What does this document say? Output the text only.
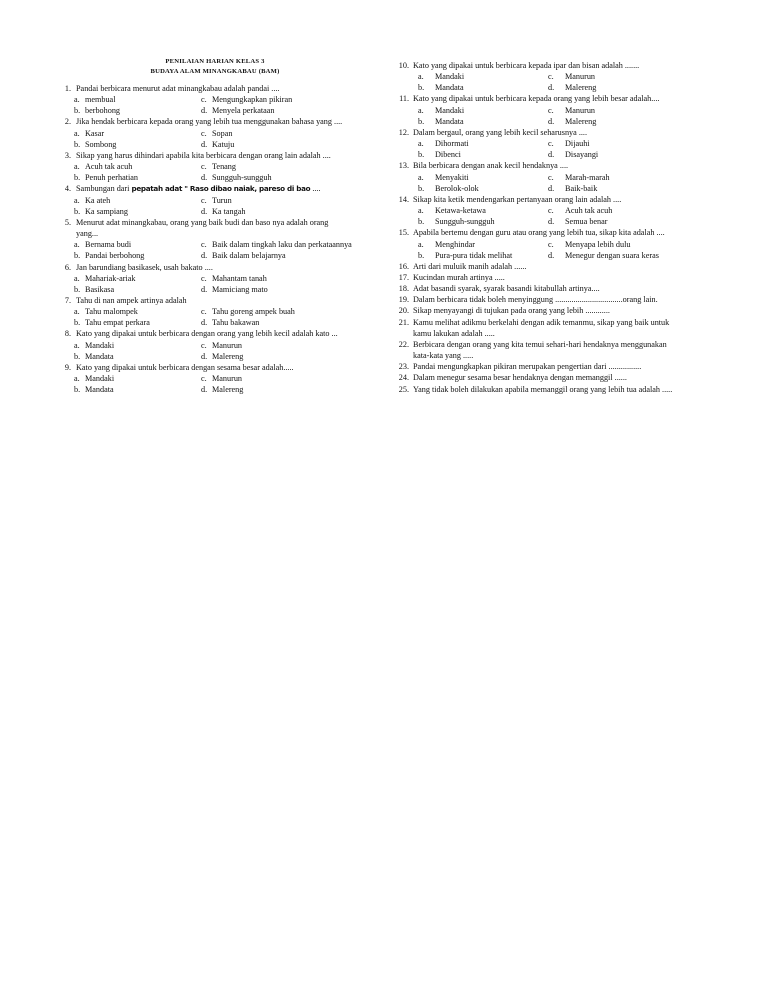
PENILAIAN HARIAN KELAS 3
BUDAYA ALAM MINANGKABAU (BAM)
1. Pandai berbicara menurut adat minangkabau adalah pandai ....
a. membual	c. Mengungkapkan pikiran
b. berbohong	d. Menyela perkataan
2. Jika hendak berbicara kepada orang yang lebih tua menggunakan bahasa yang ....
a. Kasar	c. Sopan
b. Sombong	d. Katuju
3. Sikap yang harus dihindari apabila kita berbicara dengan orang lain adalah ....
a. Acuh tak acuh	c. Tenang
b. Penuh perhatian	d. Sungguh-sungguh
4. Sambungan dari pepatah adat " Raso dibao naiak, pareso di bao ....
a. Ka ateh	c. Turun
b. Ka sampiang	d. Ka tangah
5. Menurut adat minangkabau, orang yang baik budi dan baso nya adalah orang
yang...
a. Bernama budi	c. Baik dalam tingkah laku dan perkataannya
b. Pandai berbohong	d. Baik dalam belajarnya
6. Jan barundiang basikasek, usah bakato ....
a. Mahariak-ariak	c. Mahantam tanah
b. Basikasa	d. Mamiciang mato
7. Tahu di nan ampek artinya adalah
a. Tahu malompek	c. Tahu goreng ampek buah
b. Tahu empat perkara	d. Tahu bakawan
8. Kato yang dipakai untuk berbicara dengan orang yang lebih kecil adalah kato ...
a. Mandaki	c. Manurun
b. Mandata	d. Malereng
9. Kato yang dipakai untuk berbicara dengan sesama besar adalah.....
a. Mandaki	c. Manurun
b. Mandata	d. Malereng
10. Kato yang dipakai untuk berbicara kepada ipar dan bisan adalah .......
a.	Mandaki	c.	Manurun
b.	Mandata	d.	Malereng
11. Kato yang dipakai untuk berbicara kepada orang yang lebih besar adalah....
a.	Mandaki	c.	Manurun
b.	Mandata	d.	Malereng
12. Dalam bergaul, orang yang lebih kecil seharusnya ....
a.	Dihormati	c.	Dijauhi
b.	Dibenci	d.	Disayangi
13. Bila berbicara dengan anak kecil hendaknya ....
a.	Menyakiti	c.	Marah-marah
b.	Berolok-olok	d.	Baik-baik
14. Sikap kita ketik mendengarkan pertanyaan orang lain adalah ....
a.	Ketawa-ketawa	c.	Acuh tak acuh
b.	Sungguh-sungguh	d.	Semua benar
15. Apabila bertemu dengan guru atau orang yang lebih tua, sikap kita adalah ....
a.	Menghindar	c.	Menyapa lebih dulu
b.	Pura-pura tidak melihat	d.	Menegur dengan suara keras
16. Arti dari muluik manih adalah ......
17. Kucindan murah artinya .....
18. Adat basandi syarak, syarak basandi kitabullah artinya....
19. Dalam berbicara tidak boleh menyinggung .................................orang lain.
20. Sikap menyayangi di tujukan pada orang yang lebih ............
21. Kamu melihat adikmu berkelahi dengan adik temanmu, sikap yang baik untuk
kamu lakukan adalah .....
22. Berbicara dengan orang yang kita temui sehari-hari hendaknya menggunakan
kata-kata yang .....
23. Pandai mengungkapkan pikiran merupakan pengertian dari ................
24. Dalam menegur sesama besar hendaknya dengan memanggil ......
25. Yang tidak boleh dilakukan apabila memanggil orang yang lebih tua adalah .....
